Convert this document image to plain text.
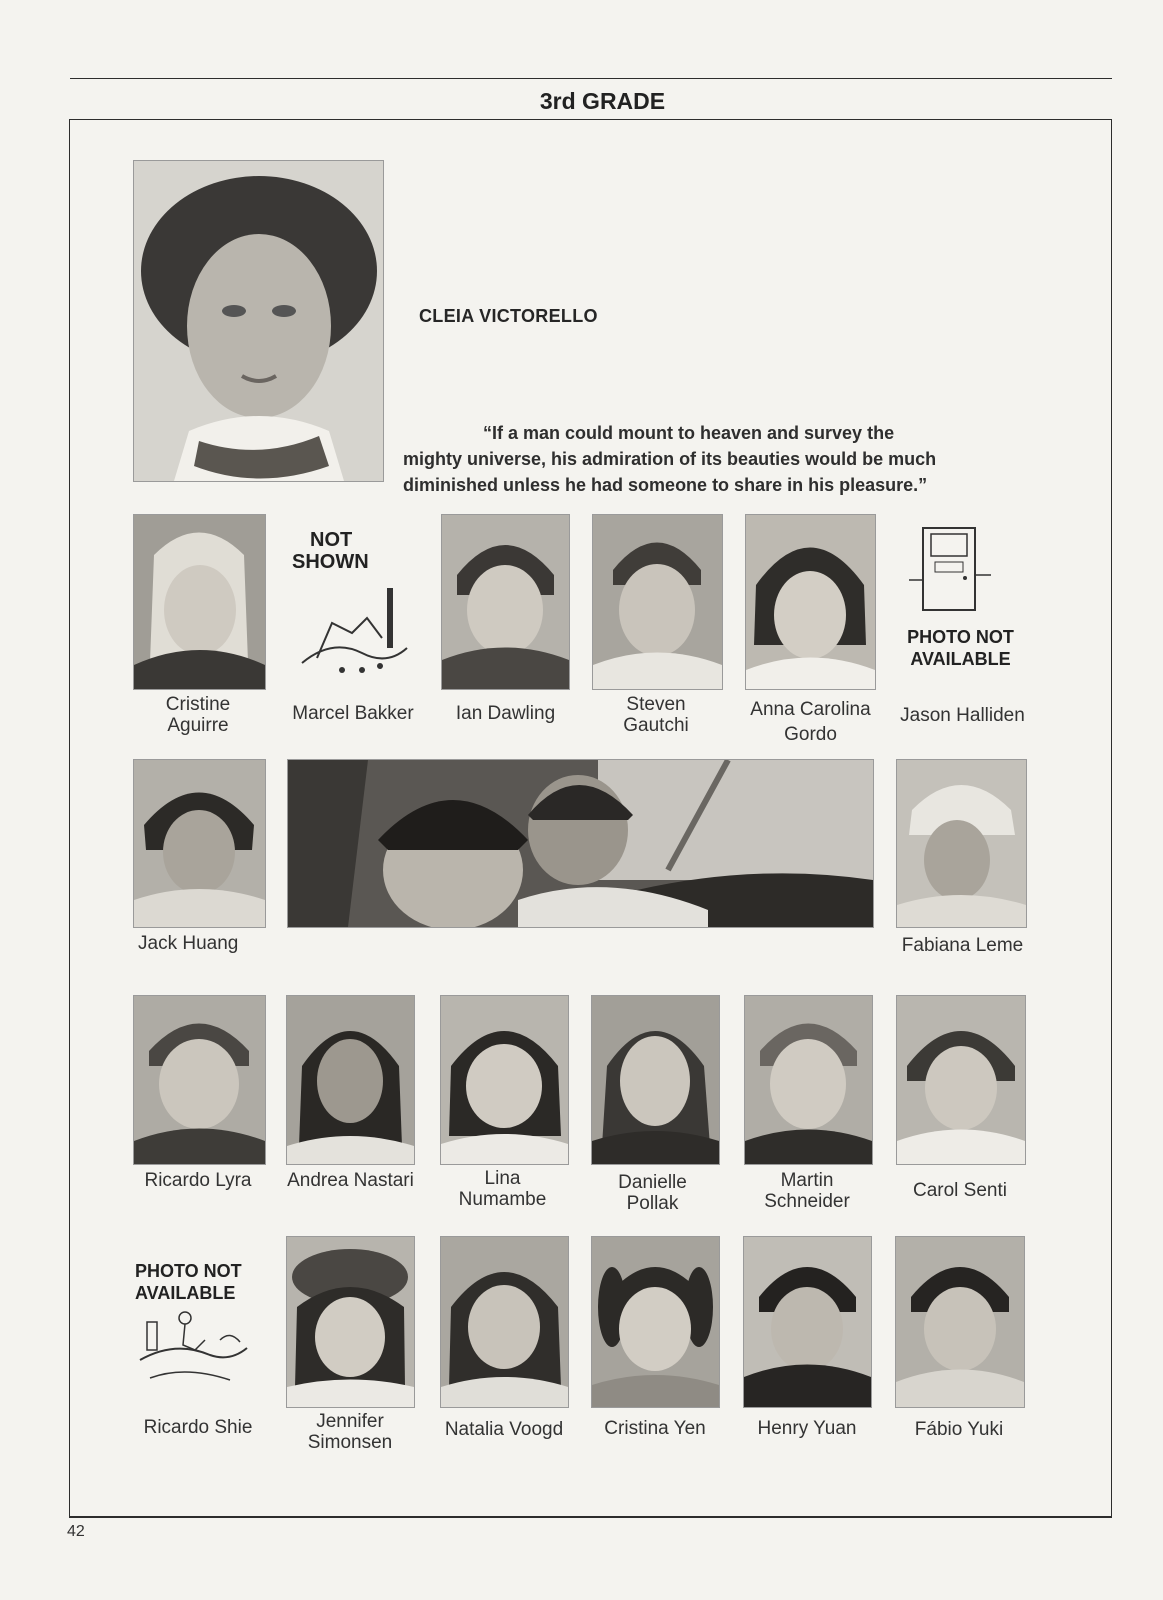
3rd GRADE
CLEIA VICTORELLO
“If a man could mount to heaven and survey the
mighty universe, his admiration of its beauties would be much
diminished unless he had someone to share in his pleasure.”
NOT
SHOWN
PHOTO NOT
AVAILABLE
Cristine
Aguirre
Marcel Bakker	Ian Dawling	Steven
Gautchi
Anna Carolina
Gordo
Jason Halliden
Jack Huang	Fabiana Leme
Ricardo Lyra	Andrea Nastari	Lina
Numambe
Danielle
Pollak
Martin
Schneider
Carol Senti
PHOTO NOT
AVAILABLE
Ricardo Shie	Jennifer
Simonsen
Natalia Voogd	Cristina Yen	Henry Yuan	Fábio Yuki
42
